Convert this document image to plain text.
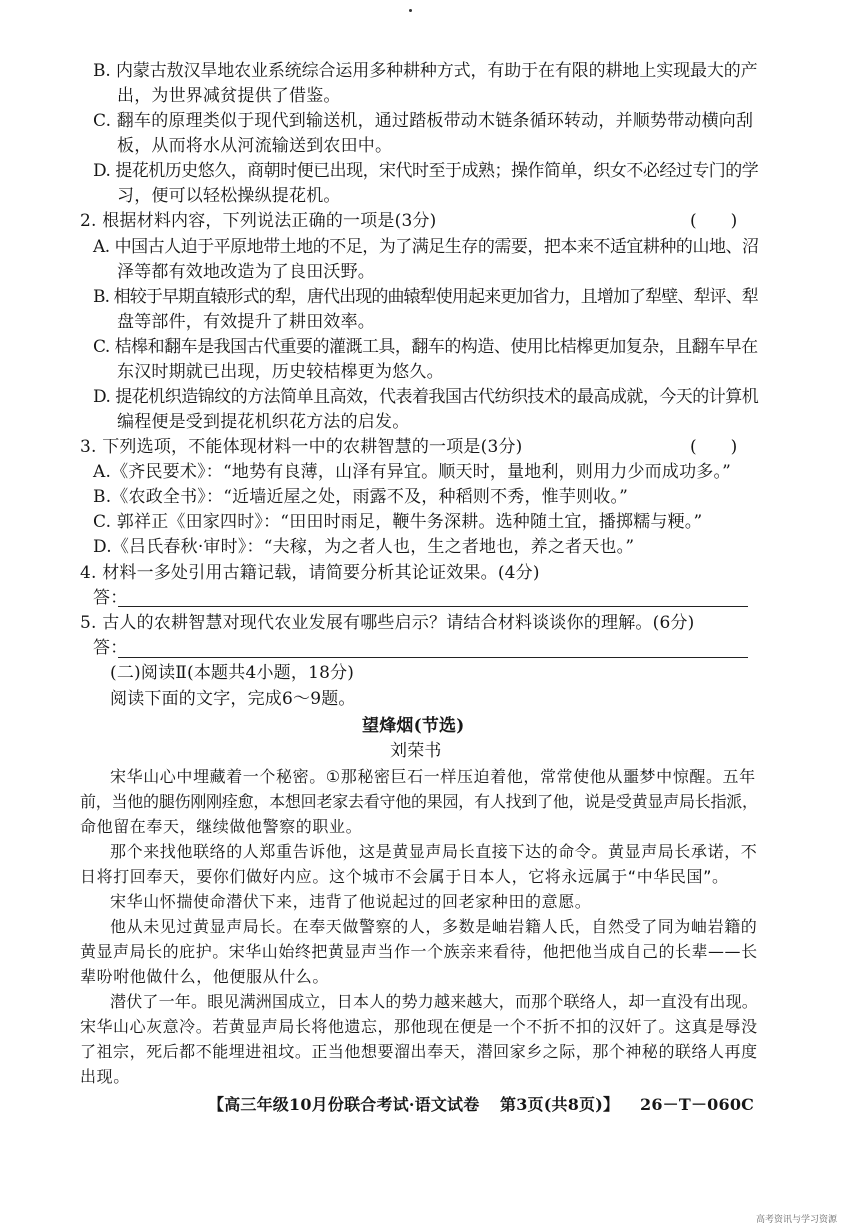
B. 内蒙古敖汉旱地农业系统综合运用多种耕种方式，有助于在有限的耕地上实现最大的产
出，为世界减贫提供了借鉴。
C. 翻车的原理类似于现代到输送机，通过踏板带动木链条循环转动，并顺势带动横向刮
板，从而将水从河流输送到农田中。
D. 提花机历史悠久，商朝时便已出现，宋代时至于成熟；操作简单，织女不必经过专门的学
习，便可以轻松操纵提花机。
2. 根据材料内容，下列说法正确的一项是(3分)	(　　)
A. 中国古人迫于平原地带土地的不足，为了满足生存的需要，把本来不适宜耕种的山地、沼
泽等都有效地改造为了良田沃野。
B. 相较于早期直辕形式的犁，唐代出现的曲辕犁使用起来更加省力，且增加了犁壁、犁评、犁
盘等部件，有效提升了耕田效率。
C. 桔槔和翻车是我国古代重要的灌溉工具，翻车的构造、使用比桔槔更加复杂，且翻车早在
东汉时期就已出现，历史较桔槔更为悠久。
D. 提花机织造锦纹的方法简单且高效，代表着我国古代纺织技术的最高成就，今天的计算机
编程便是受到提花机织花方法的启发。
3. 下列选项，不能体现材料一中的农耕智慧的一项是(3分)	(　　)
A.《齐民要术》：“地势有良薄，山泽有异宜。顺天时，量地利，则用力少而成功多。”
B.《农政全书》：“近墙近屋之处，雨露不及，种稻则不秀，惟芋则收。”
C. 郭祥正《田家四时》：“田田时雨足，鞭牛务深耕。选种随土宜，播掷糯与粳。”
D.《吕氏春秋·审时》：“夫稼，为之者人也，生之者地也，养之者天也。”
4. 材料一多处引用古籍记载，请简要分析其论证效果。(4分)
答：
5. 古人的农耕智慧对现代农业发展有哪些启示？请结合材料谈谈你的理解。(6分)
答：
(二)阅读Ⅱ(本题共4小题，18分)
阅读下面的文字，完成6～9题。
望烽烟(节选)
刘荣书
宋华山心中埋藏着一个秘密。①那秘密巨石一样压迫着他，常常使他从噩梦中惊醒。五年
前，当他的腿伤刚刚痊愈，本想回老家去看守他的果园，有人找到了他，说是受黄显声局长指派，
命他留在奉天，继续做他警察的职业。
那个来找他联络的人郑重告诉他，这是黄显声局长直接下达的命令。黄显声局长承诺，不
日将打回奉天，要你们做好内应。这个城市不会属于日本人，它将永远属于“中华民国”。
宋华山怀揣使命潜伏下来，违背了他说起过的回老家种田的意愿。
他从未见过黄显声局长。在奉天做警察的人，多数是岫岩籍人氏，自然受了同为岫岩籍的
黄显声局长的庇护。宋华山始终把黄显声当作一个族亲来看待，他把他当成自己的长辈——长
辈吩咐他做什么，他便服从什么。
潜伏了一年。眼见满洲国成立，日本人的势力越来越大，而那个联络人，却一直没有出现。
宋华山心灰意冷。若黄显声局长将他遗忘，那他现在便是一个不折不扣的汉奸了。这真是辱没
了祖宗，死后都不能埋进祖坟。正当他想要溜出奉天，潜回家乡之际，那个神秘的联络人再度
出现。
【高三年级10月份联合考试·语文试卷 第3页(共8页)】 26－T－060C
高考资讯与学习资源
